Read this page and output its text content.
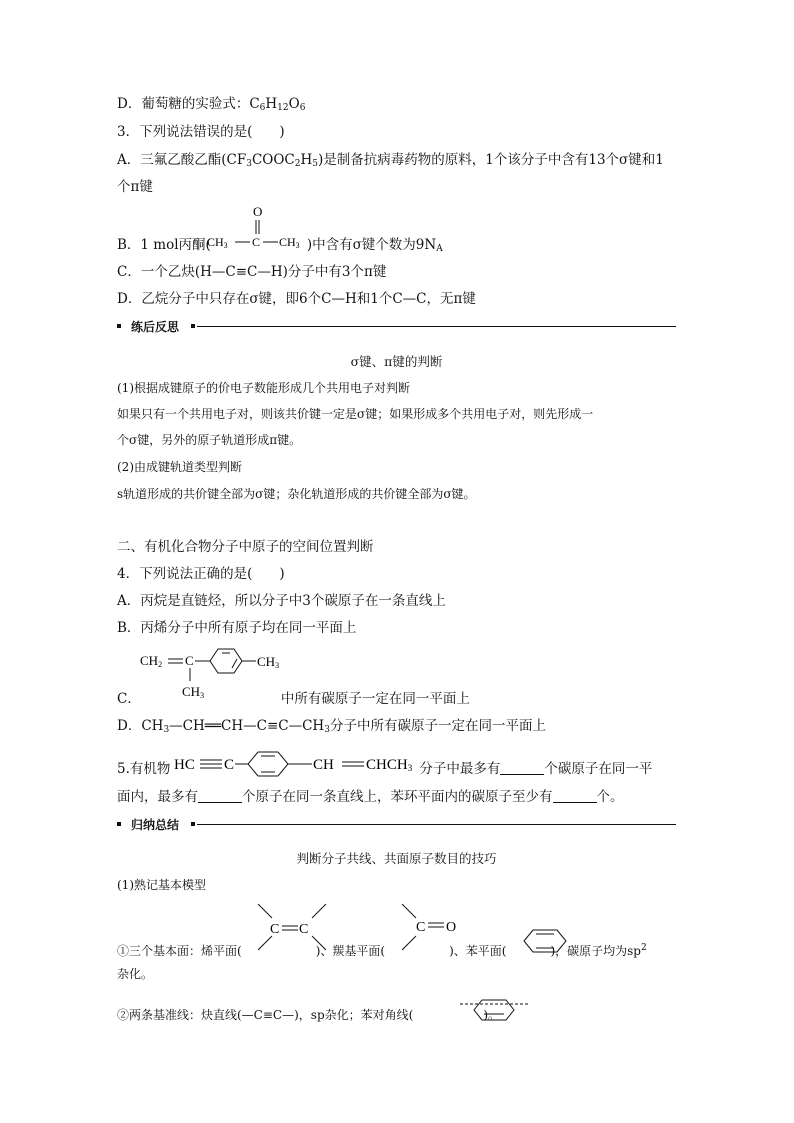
D．葡萄糖的实验式：$C_6H_{12}O_6$
3．下列说法错误的是(　　)
A．三氟乙酸乙酯$(CF_3COOC_2H_5)$是制备抗病毒药物的原料，1个该分子中含有13个σ键和1
个π键
B．1 mol丙酮(	)中含有σ键个数为$9N_A$
O
CH3 C CH3
C．一个乙炔(H—C≡C—H)分子中有3个π键
D．乙烷分子中只存在σ键，即6个C—H和1个C—C，无π键
练后反思
σ键、π键的判断
(1)根据成键原子的价电子数能形成几个共用电子对判断
如果只有一个共用电子对，则该共价键一定是σ键；如果形成多个共用电子对，则先形成一
个σ键，另外的原子轨道形成π键。
(2)由成键轨道类型判断
s轨道形成的共价键全部为σ键；杂化轨道形成的共价键全部为σ键。
二、有机化合物分子中原子的空间位置判断
4．下列说法正确的是(　　)
A．丙烷是直链烃，所以分子中3个碳原子在一条直线上
B．丙烯分子中所有原子均在同一平面上
CH2 C
CH3
CH3
C．	中所有碳原子一定在同一平面上
D．$CH_3—CH══CH—C\equiv C—CH_3$分子中所有碳原子一定在同一平面上
HC C	CH CHCH3
5.有机物	分子中最多有	个碳原子在同一平
面内，最多有	个原子在同一条直线上，苯环平面内的碳原子至少有	个。
归纳总结
判断分子共线、共面原子数目的技巧
(1)熟记基本模型
①三个基本面：烯平面(	)、羰基平面(	)、苯平面(	)，碳原子均为$sp^2$
C C	C O
杂化。
②两条基准线：炔直线(—C≡C—)，sp杂化；苯对角线(	)。
